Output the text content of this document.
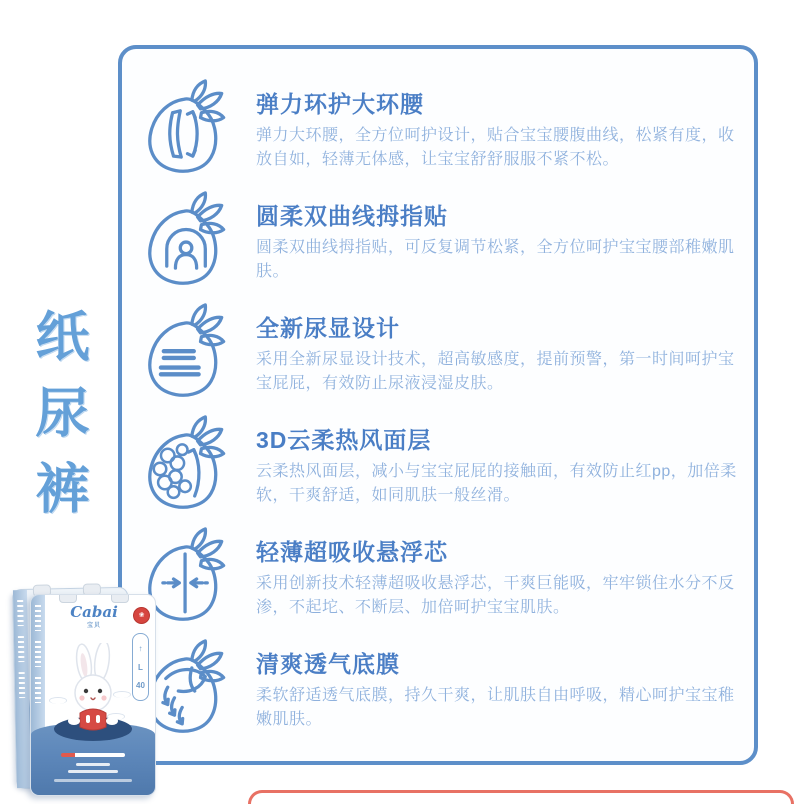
纸尿裤

弹力环护大环腰

弹力大环腰，全方位呵护设计，贴合宝宝腰腹曲线，松紧有度，收放自如，轻薄无体感，让宝宝舒舒服服不紧不松。

圆柔双曲线拇指贴

圆柔双曲线拇指贴，可反复调节松紧，全方位呵护宝宝腰部稚嫩肌肤。

全新尿显设计

采用全新尿显设计技术，超高敏感度，提前预警，第一时间呵护宝宝屁屁，有效防止尿液浸湿皮肤。

3D云柔热风面层

云柔热风面层，减小与宝宝屁屁的接触面，有效防止红pp，加倍柔软，干爽舒适，如同肌肤一般丝滑。

轻薄超吸收悬浮芯

采用创新技术轻薄超吸收悬浮芯，干爽巨能吸，牢牢锁住水分不反渗，不起坨、不断层、加倍呵护宝宝肌肤。

清爽透气底膜

柔软舒适透气底膜，持久干爽，让肌肤自由呼吸，精心呵护宝宝稚嫩肌肤。

Cabai
宝贝
❀
↑
L
40
